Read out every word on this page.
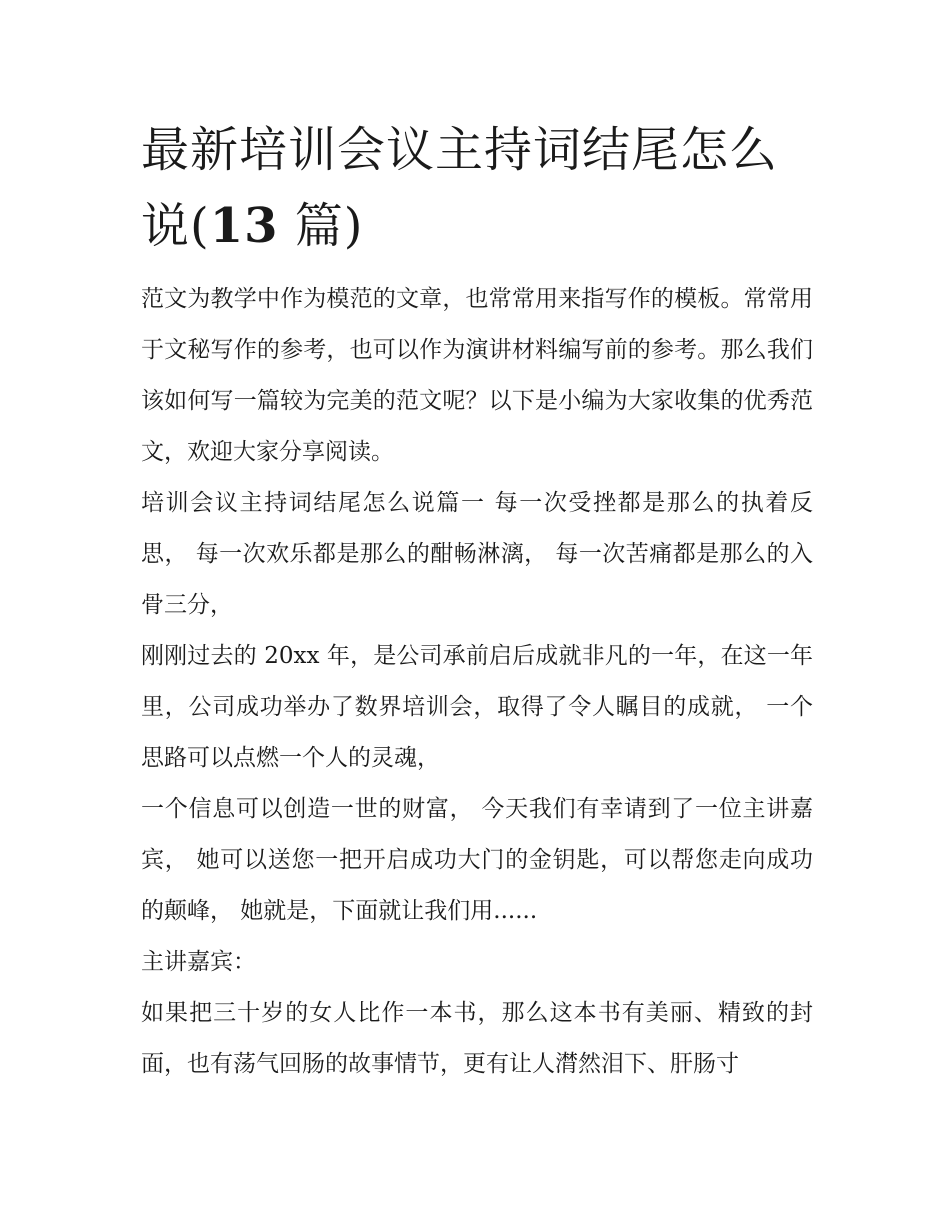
最新培训会议主持词结尾怎么
说(13 篇)

范文为教学中作为模范的文章，也常常用来指写作的模板。常常用于文秘写作的参考，也可以作为演讲材料编写前的参考。那么我们该如何写一篇较为完美的范文呢？以下是小编为大家收集的优秀范文，欢迎大家分享阅读。

培训会议主持词结尾怎么说篇一 每一次受挫都是那么的执着反思， 每一次欢乐都是那么的酣畅淋漓， 每一次苦痛都是那么的入骨三分，

刚刚过去的 20xx 年，是公司承前启后成就非凡的一年，在这一年里，公司成功举办了数界培训会，取得了令人瞩目的成就， 一个思路可以点燃一个人的灵魂，

一个信息可以创造一世的财富， 今天我们有幸请到了一位主讲嘉宾， 她可以送您一把开启成功大门的金钥匙，可以帮您走向成功的颠峰， 她就是，下面就让我们用......

主讲嘉宾：

如果把三十岁的女人比作一本书，那么这本书有美丽、精致的封面，也有荡气回肠的故事情节，更有让人潸然泪下、肝肠寸
